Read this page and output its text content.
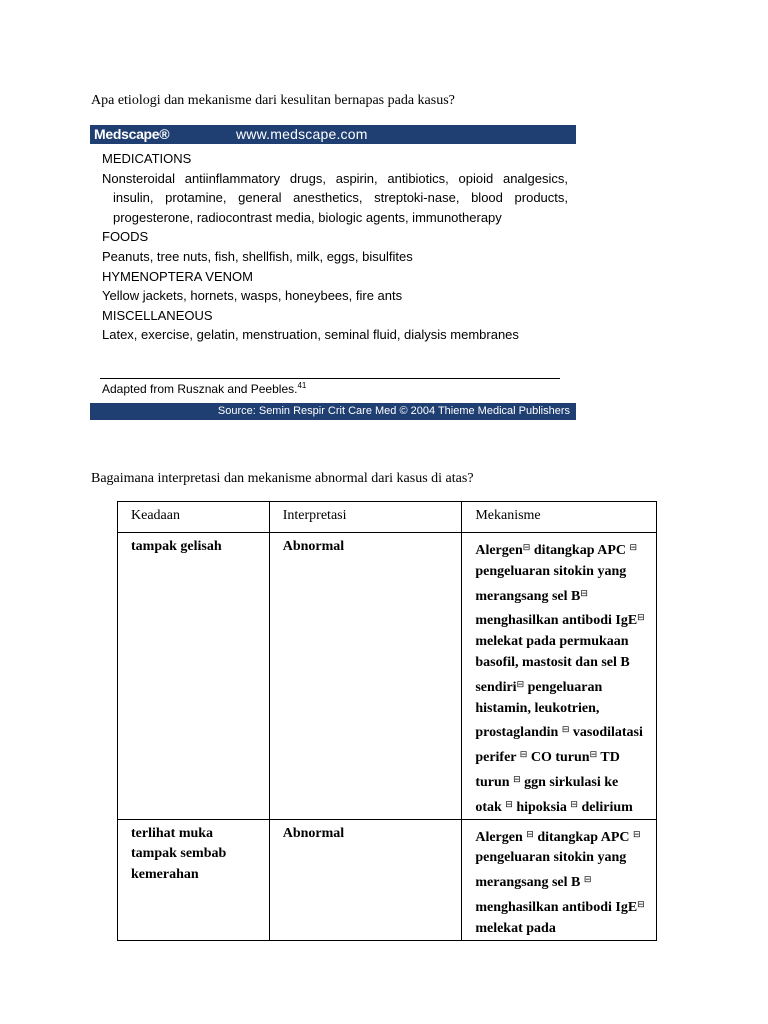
Apa etiologi dan mekanisme dari kesulitan bernapas pada kasus?
Medscape®	www.medscape.com
MEDICATIONS
Nonsteroidal antiinflammatory drugs, aspirin, antibiotics, opioid analgesics, insulin, protamine, general anesthetics, streptoki-nase, blood products, progesterone, radiocontrast media, biologic agents, immunotherapy
FOODS
Peanuts, tree nuts, fish, shellfish, milk, eggs, bisulfites
HYMENOPTERA VENOM
Yellow jackets, hornets, wasps, honeybees, fire ants
MISCELLANEOUS
Latex, exercise, gelatin, menstruation, seminal fluid, dialysis membranes
Adapted from Rusznak and Peebles.$^{41}$
Source: Semin Respir Crit Care Med © 2004 Thieme Medical Publishers
Bagaimana interpretasi dan mekanisme abnormal dari kasus di atas?
Keadaan	Interpretasi	Mekanisme
tampak gelisah	Abnormal	Alergen⊟ ditangkap APC ⊟ pengeluaran sitokin yang merangsang sel B⊟ menghasilkan antibodi IgE⊟ melekat pada permukaan basofil, mastosit dan sel B sendiri⊟ pengeluaran histamin, leukotrien, prostaglandin ⊟ vasodilatasi perifer ⊟ CO turun⊟ TD turun ⊟ ggn sirkulasi ke otak ⊟ hipoksia ⊟ delirium
terlihat muka tampak sembab kemerahan	Abnormal	Alergen ⊟ ditangkap APC ⊟ pengeluaran sitokin yang merangsang sel B ⊟ menghasilkan antibodi IgE⊟ melekat pada
